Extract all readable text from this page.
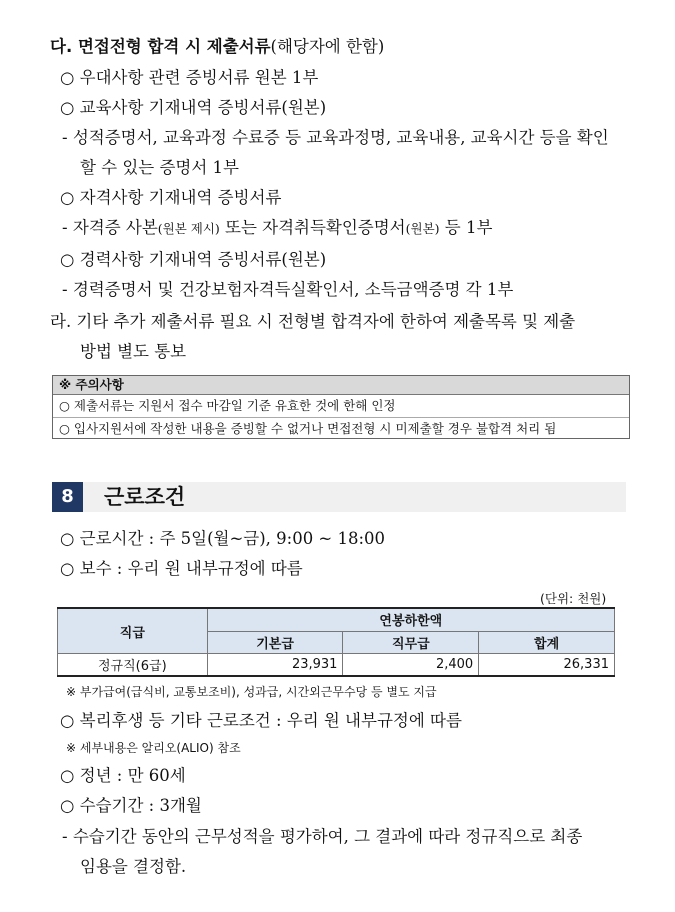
다. 면접전형 합격 시 제출서류(해당자에 한함)
○ 우대사항 관련 증빙서류 원본 1부
○ 교육사항 기재내역 증빙서류(원본)
- 성적증명서, 교육과정 수료증 등 교육과정명, 교육내용, 교육시간 등을 확인
할 수 있는 증명서 1부
○ 자격사항 기재내역 증빙서류
- 자격증 사본(원본 제시) 또는 자격취득확인증명서(원본) 등 1부
○ 경력사항 기재내역 증빙서류(원본)
- 경력증명서 및 건강보험자격득실확인서, 소득금액증명 각 1부
라. 기타 추가 제출서류 필요 시 전형별 합격자에 한하여 제출목록 및 제출
방법 별도 통보
※ 주의사항
○ 제출서류는 지원서 접수 마감일 기준 유효한 것에 한해 인정
○ 입사지원서에 작성한 내용을 증빙할 수 없거나 면접전형 시 미제출할 경우 불합격 처리 됨
8	근로조건
○ 근로시간 : 주 5일(월~금), 9:00 ~ 18:00
○ 보수 : 우리 원 내부규정에 따름
(단위: 천원)
직급	연봉하한액		
	기본급	직무급	합계
정규직(6급)	23,931	2,400	26,331
※ 부가급여(급식비, 교통보조비), 성과급, 시간외근무수당 등 별도 지급
○ 복리후생 등 기타 근로조건 : 우리 원 내부규정에 따름
※ 세부내용은 알리오(ALIO) 참조
○ 정년 : 만 60세
○ 수습기간 : 3개월
- 수습기간 동안의 근무성적을 평가하여, 그 결과에 따라 정규직으로 최종
임용을 결정함.
